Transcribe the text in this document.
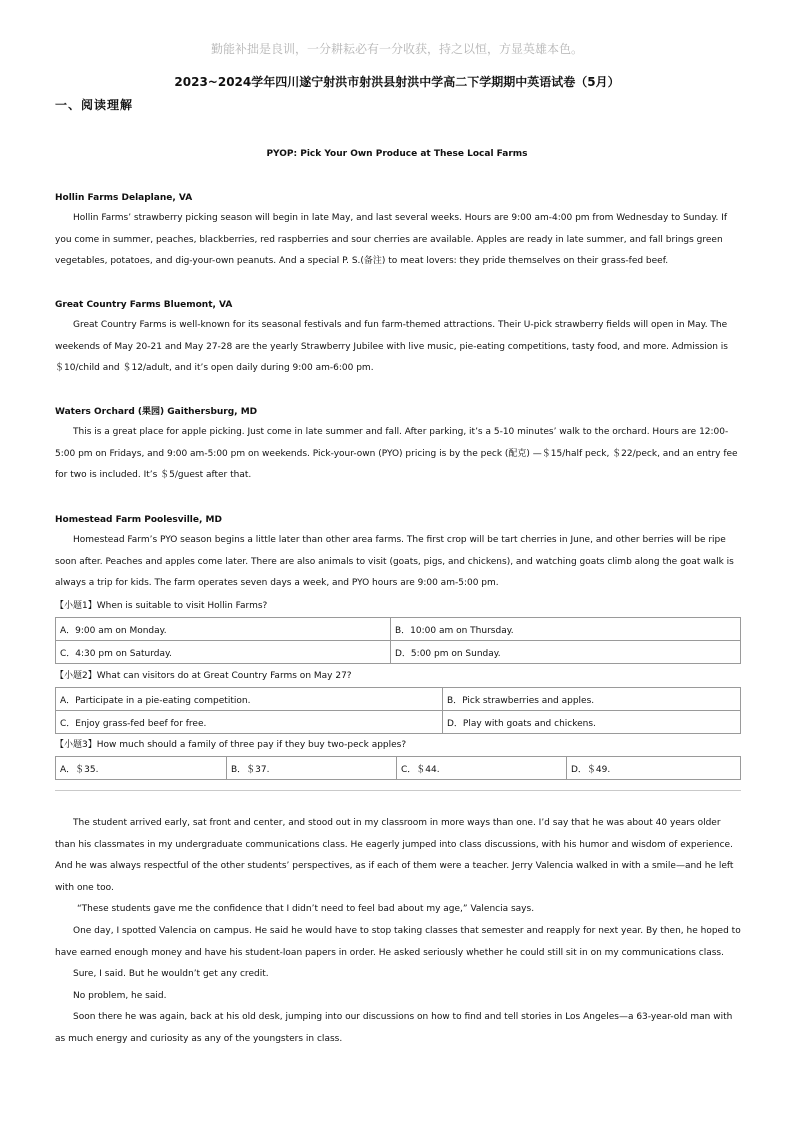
勤能补拙是良训，一分耕耘必有一分收获，持之以恒，方显英雄本色。
2023~2024学年四川遂宁射洪市射洪县射洪中学高二下学期期中英语试卷（5月）
一、阅读理解
PYOP: Pick Your Own Produce at These Local Farms
Hollin Farms Delaplane, VA

Hollin Farms’ strawberry picking season will begin in late May, and last several weeks. Hours are 9:00 am-4:00 pm from Wednesday to Sunday. If you come in summer, peaches, blackberries, red raspberries and sour cherries are available. Apples are ready in late summer, and fall brings green vegetables, potatoes, and dig-your-own peanuts. And a special P. S.(备注) to meat lovers: they pride themselves on their grass-fed beef.

Great Country Farms Bluemont, VA

Great Country Farms is well-known for its seasonal festivals and fun farm-themed attractions. Their U-pick strawberry fields will open in May. The weekends of May 20-21 and May 27-28 are the yearly Strawberry Jubilee with live music, pie-eating competitions, tasty food, and more. Admission is ＄10/child and ＄12/adult, and it’s open daily during 9:00 am-6:00 pm.

Waters Orchard (果园) Gaithersburg, MD

This is a great place for apple picking. Just come in late summer and fall. After parking, it’s a 5-10 minutes’ walk to the orchard. Hours are 12:00-5:00 pm on Fridays, and 9:00 am-5:00 pm on weekends. Pick-your-own (PYO) pricing is by the peck (配克) —＄15/half peck, ＄22/peck, and an entry fee for two is included. It’s ＄5/guest after that.

Homestead Farm Poolesville, MD

Homestead Farm’s PYO season begins a little later than other area farms. The first crop will be tart cherries in June, and other berries will be ripe soon after. Peaches and apples come later. There are also animals to visit (goats, pigs, and chickens), and watching goats climb along the goat walk is always a trip for kids. The farm operates seven days a week, and PYO hours are 9:00 am-5:00 pm.

【小题1】When is suitable to visit Hollin Farms?
A．9:00 am on Monday.	B．10:00 am on Thursday.
C．4:30 pm on Saturday.	D．5:00 pm on Sunday.
【小题2】What can visitors do at Great Country Farms on May 27?
A．Participate in a pie-eating competition.	B．Pick strawberries and apples.
C．Enjoy grass-fed beef for free.	D．Play with goats and chickens.
【小题3】How much should a family of three pay if they buy two-peck apples?
A．＄35.	B．＄37.	C．＄44.	D．＄49.

The student arrived early, sat front and center, and stood out in my classroom in more ways than one. I’d say that he was about 40 years older than his classmates in my undergraduate communications class. He eagerly jumped into class discussions, with his humor and wisdom of experience. And he was always respectful of the other students’ perspectives, as if each of them were a teacher. Jerry Valencia walked in with a smile—and he left with one too.

“These students gave me the confidence that I didn’t need to feel bad about my age,” Valencia says.

One day, I spotted Valencia on campus. He said he would have to stop taking classes that semester and reapply for next year. By then, he hoped to have earned enough money and have his student-loan papers in order. He asked seriously whether he could still sit in on my communications class.

Sure, I said. But he wouldn’t get any credit.

No problem, he said.

Soon there he was again, back at his old desk, jumping into our discussions on how to find and tell stories in Los Angeles—a 63-year-old man with as much energy and curiosity as any of the youngsters in class.
